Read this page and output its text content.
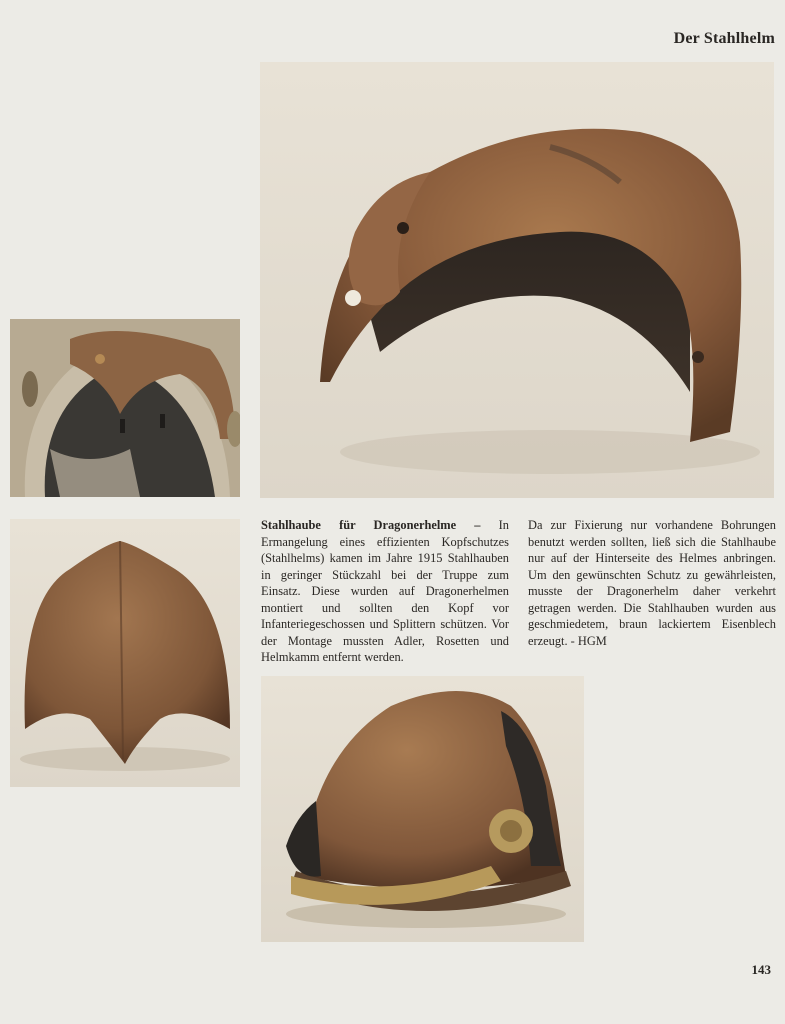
Der Stahlhelm
Stahlhaube für Dragonerhelme – In Ermangelung eines effizienten Kopfschutzes (Stahlhelms) kamen im Jahre 1915 Stahlhauben in geringer Stückzahl bei der Truppe zum Einsatz. Diese wurden auf Dragonerhelmen montiert und sollten den Kopf vor Infanteriegeschossen und Splittern schützen. Vor der Montage mussten Adler, Rosetten und Helmkamm entfernt werden.
Da zur Fixierung nur vorhandene Bohrungen benutzt werden sollten, ließ sich die Stahlhaube nur auf der Hinterseite des Helmes anbringen. Um den gewünschten Schutz zu gewährleisten, musste der Dragonerhelm daher verkehrt getragen werden. Die Stahlhauben wurden aus geschmiedetem, braun lackiertem Eisenblech erzeugt. - HGM
143
